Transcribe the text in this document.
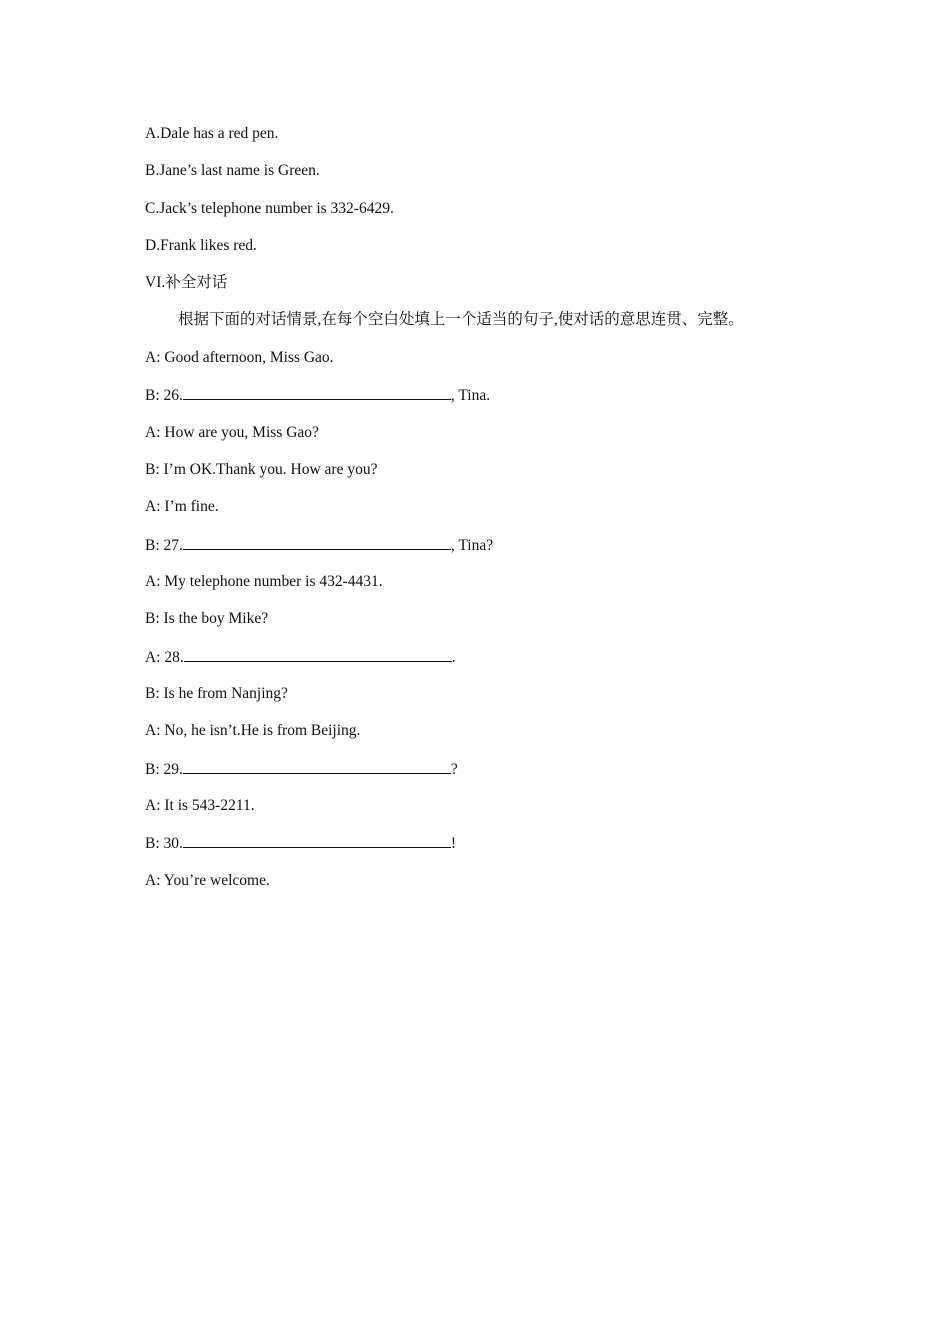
A.Dale has a red pen.
B.Jane’s last name is Green.
C.Jack’s telephone number is 332-6429.
D.Frank likes red.
VI.补全对话
根据下面的对话情景,在每个空白处填上一个适当的句子,使对话的意思连贯、完整。
A: Good afternoon, Miss Gao.
B: 26.	, Tina.
A: How are you, Miss Gao?
B: I’m OK.Thank you. How are you?
A: I’m fine.
B: 27.	, Tina?
A: My telephone number is 432-4431.
B: Is the boy Mike?
A: 28.	.
B: Is he from Nanjing?
A: No, he isn’t.He is from Beijing.
B: 29.	?
A: It is 543-2211.
B: 30.	!
A: You’re welcome.
